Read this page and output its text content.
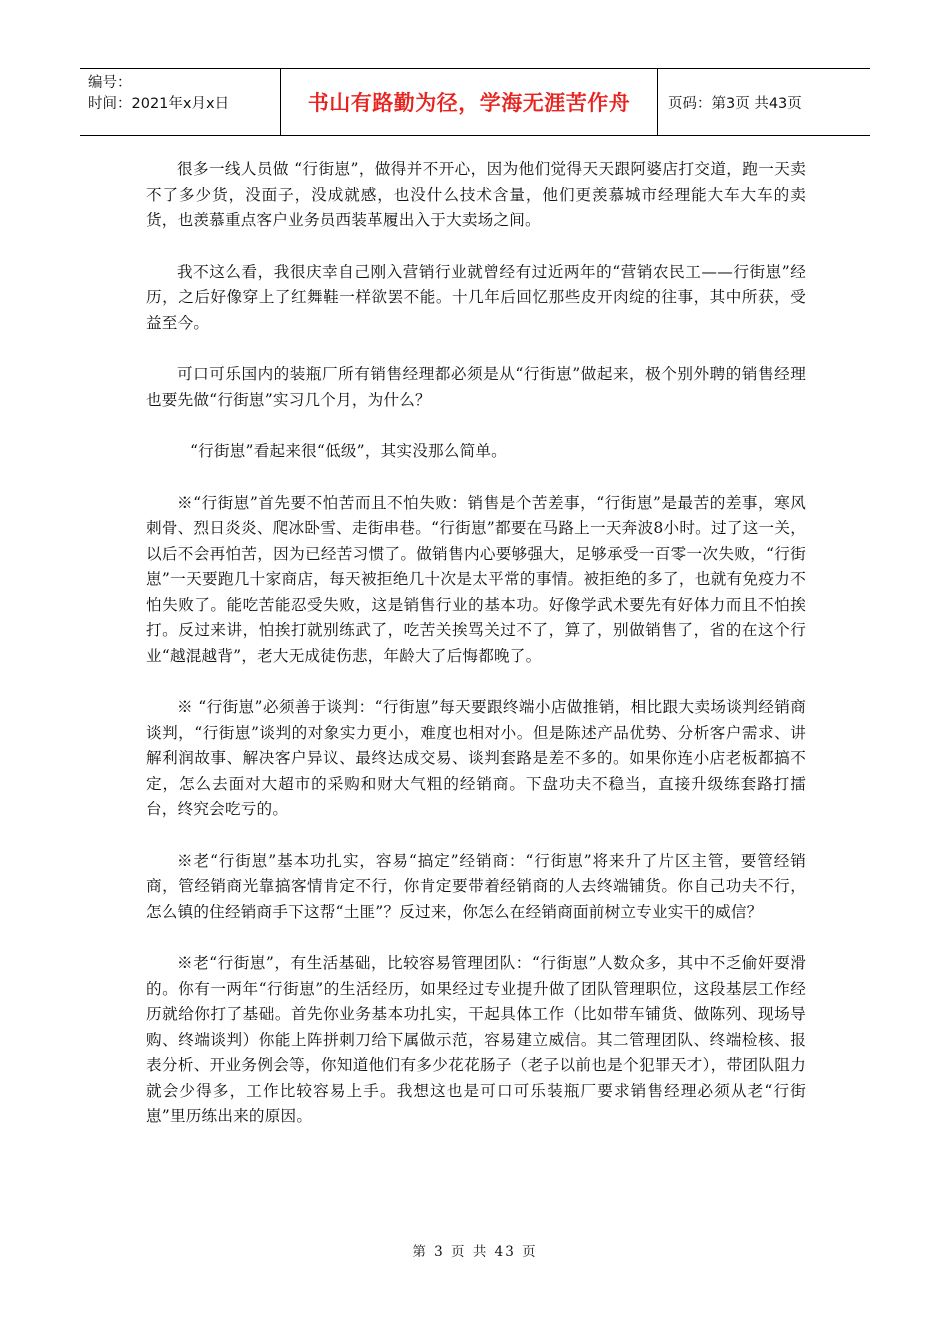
编号：
时间：2021年x月x日	书山有路勤为径，学海无涯苦作舟	页码：第3页 共43页

很多一线人员做 “行街崽”，做得并不开心，因为他们觉得天天跟阿婆店打交道，跑一天卖不了多少货，没面子，没成就感，也没什么技术含量，他们更羡慕城市经理能大车大车的卖货，也羡慕重点客户业务员西装革履出入于大卖场之间。

我不这么看，我很庆幸自己刚入营销行业就曾经有过近两年的“营销农民工——行街崽”经历，之后好像穿上了红舞鞋一样欲罢不能。十几年后回忆那些皮开肉绽的往事，其中所获，受益至今。

可口可乐国内的装瓶厂所有销售经理都必须是从“行街崽”做起来，极个别外聘的销售经理也要先做“行街崽”实习几个月，为什么？

“行街崽”看起来很“低级”，其实没那么简单。

※“行街崽”首先要不怕苦而且不怕失败：销售是个苦差事，“行街崽”是最苦的差事，寒风刺骨、烈日炎炎、爬冰卧雪、走街串巷。“行街崽”都要在马路上一天奔波8小时。过了这一关，以后不会再怕苦，因为已经苦习惯了。做销售内心要够强大，足够承受一百零一次失败，“行街崽”一天要跑几十家商店，每天被拒绝几十次是太平常的事情。被拒绝的多了，也就有免疫力不怕失败了。能吃苦能忍受失败，这是销售行业的基本功。好像学武术要先有好体力而且不怕挨打。反过来讲，怕挨打就别练武了，吃苦关挨骂关过不了，算了，别做销售了，省的在这个行业“越混越背”，老大无成徒伤悲，年龄大了后悔都晚了。

※ “行街崽”必须善于谈判：“行街崽”每天要跟终端小店做推销，相比跟大卖场谈判经销商谈判，“行街崽”谈判的对象实力更小，难度也相对小。但是陈述产品优势、分析客户需求、讲解利润故事、解决客户异议、最终达成交易、谈判套路是差不多的。如果你连小店老板都搞不定，怎么去面对大超市的采购和财大气粗的经销商。下盘功夫不稳当，直接升级练套路打擂台，终究会吃亏的。

※老“行街崽”基本功扎实，容易“搞定”经销商：“行街崽”将来升了片区主管，要管经销商，管经销商光靠搞客情肯定不行，你肯定要带着经销商的人去终端铺货。你自己功夫不行，怎么镇的住经销商手下这帮“土匪”？反过来，你怎么在经销商面前树立专业实干的威信？

※老“行街崽”，有生活基础，比较容易管理团队：“行街崽”人数众多，其中不乏偷奸耍滑的。你有一两年“行街崽”的生活经历，如果经过专业提升做了团队管理职位，这段基层工作经历就给你打了基础。首先你业务基本功扎实，干起具体工作（比如带车铺货、做陈列、现场导购、终端谈判）你能上阵拼刺刀给下属做示范，容易建立威信。其二管理团队、终端检核、报表分析、开业务例会等，你知道他们有多少花花肠子（老子以前也是个犯罪天才），带团队阻力就会少得多，工作比较容易上手。我想这也是可口可乐装瓶厂要求销售经理必须从老“行街崽”里历练出来的原因。

第 3 页 共 43 页
